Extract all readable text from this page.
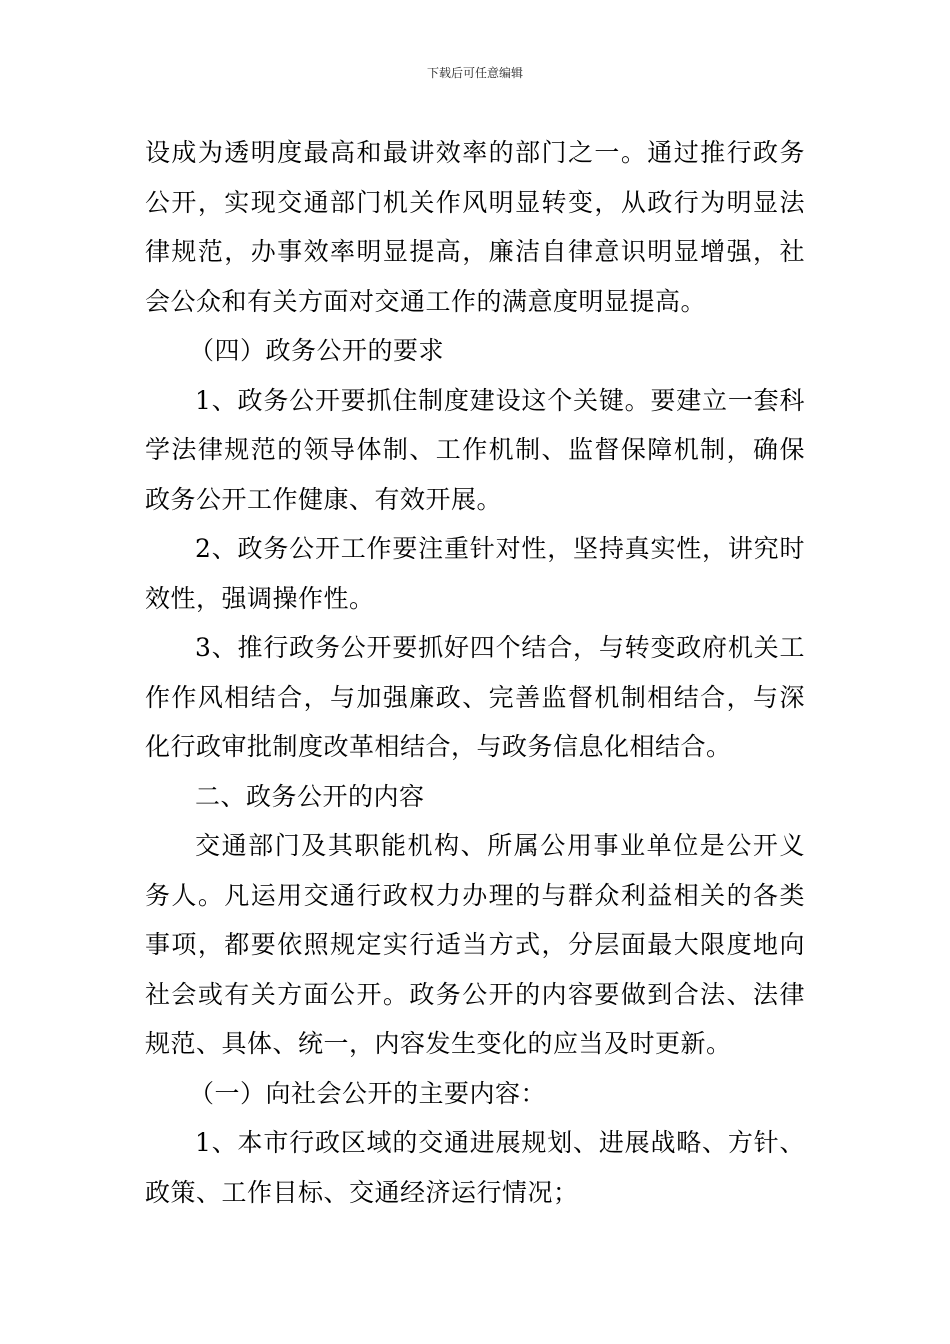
下载后可任意编辑

设成为透明度最高和最讲效率的部门之一。通过推行政务公开，实现交通部门机关作风明显转变，从政行为明显法律规范，办事效率明显提高，廉洁自律意识明显增强，社会公众和有关方面对交通工作的满意度明显提高。

（四）政务公开的要求

1、政务公开要抓住制度建设这个关键。要建立一套科学法律规范的领导体制、工作机制、监督保障机制，确保政务公开工作健康、有效开展。

2、政务公开工作要注重针对性，坚持真实性，讲究时效性，强调操作性。

3、推行政务公开要抓好四个结合，与转变政府机关工作作风相结合，与加强廉政、完善监督机制相结合，与深化行政审批制度改革相结合，与政务信息化相结合。

二、政务公开的内容

交通部门及其职能机构、所属公用事业单位是公开义务人。凡运用交通行政权力办理的与群众利益相关的各类事项，都要依照规定实行适当方式，分层面最大限度地向社会或有关方面公开。政务公开的内容要做到合法、法律规范、具体、统一，内容发生变化的应当及时更新。

（一）向社会公开的主要内容：

1、本市行政区域的交通进展规划、进展战略、方针、政策、工作目标、交通经济运行情况；
